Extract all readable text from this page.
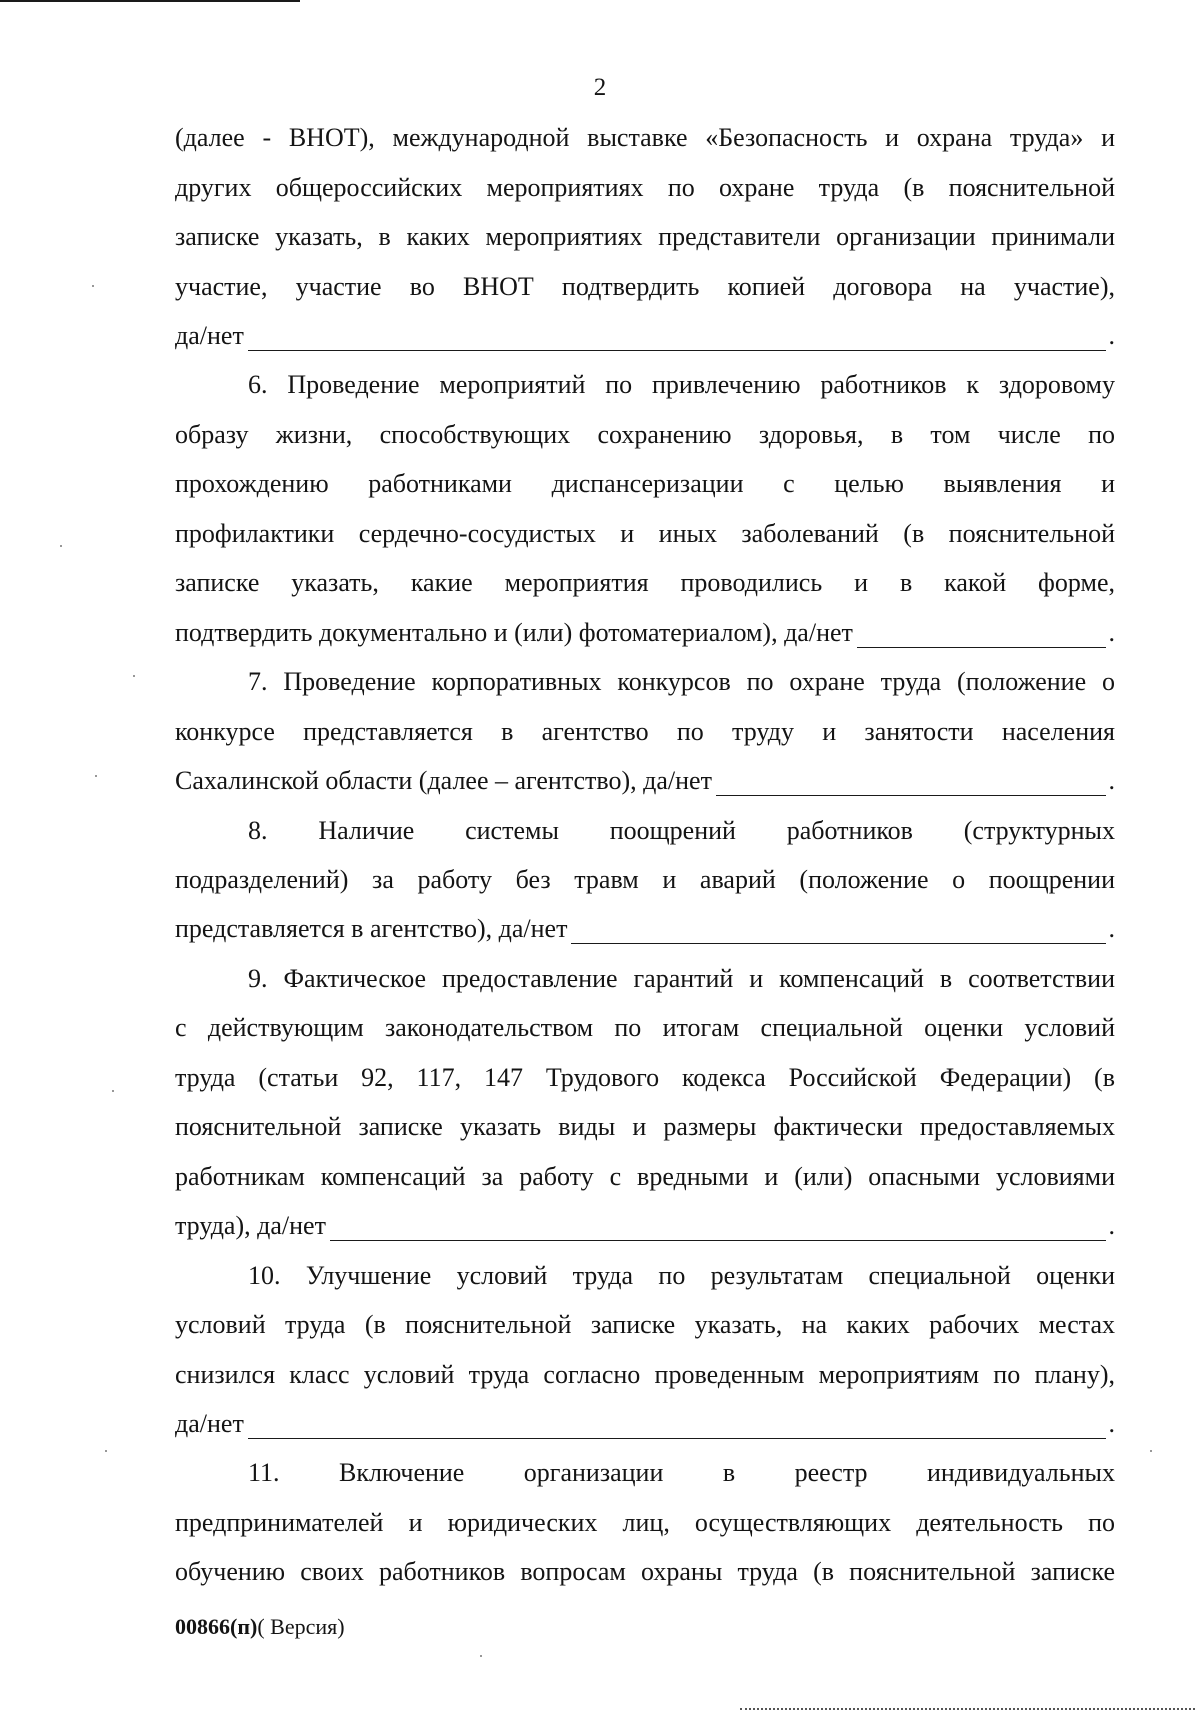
2
(далее - ВНОТ), международной выставке «Безопасность и охрана труда» и
других общероссийских мероприятиях по охране труда (в пояснительной
записке указать, в каких мероприятиях представители организации принимали
участие, участие во ВНОТ подтвердить копией договора на участие),
да/нет	.
6. Проведение мероприятий по привлечению работников к здоровому
образу жизни, способствующих сохранению здоровья, в том числе по
прохождению работниками диспансеризации с целью выявления и
профилактики сердечно-сосудистых и иных заболеваний (в пояснительной
записке указать, какие мероприятия проводились и в какой форме,
подтвердить документально и (или) фотоматериалом), да/нет	.
7. Проведение корпоративных конкурсов по охране труда (положение о
конкурсе представляется в агентство по труду и занятости населения
Сахалинской области (далее – агентство), да/нет	.
8. Наличие системы поощрений работников (структурных
подразделений) за работу без травм и аварий (положение о поощрении
представляется в агентство), да/нет	.
9. Фактическое предоставление гарантий и компенсаций в соответствии
с действующим законодательством по итогам специальной оценки условий
труда (статьи 92, 117, 147 Трудового кодекса Российской Федерации) (в
пояснительной записке указать виды и размеры фактически предоставляемых
работникам компенсаций за работу с вредными и (или) опасными условиями
труда), да/нет	.
10. Улучшение условий труда по результатам специальной оценки
условий труда (в пояснительной записке указать, на каких рабочих местах
снизился класс условий труда согласно проведенным мероприятиям по плану),
да/нет	.
11. Включение организации в реестр индивидуальных
предпринимателей и юридических лиц, осуществляющих деятельность по
обучению своих работников вопросам охраны труда (в пояснительной записке
00866(п)( Версия)
